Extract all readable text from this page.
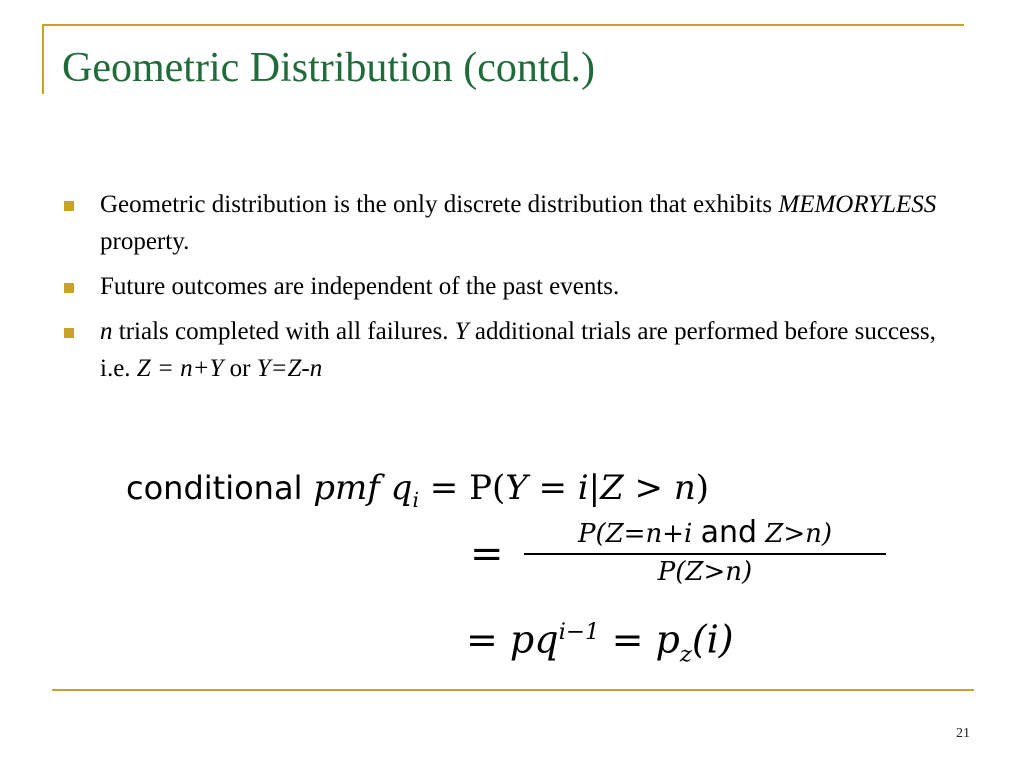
Geometric Distribution (contd.)
Geometric distribution is the only discrete distribution that exhibits MEMORYLESS property.
Future outcomes are independent of the past events.
n trials completed with all failures. Y additional trials are performed before success, i.e. Z = n+Y or Y=Z-n
conditional pmf $q_i = P(Y = i|Z > n)$
=	P(Z=n+i and Z>n)
P(Z>n)
= $pq^{i-1} = p_z(i)$
21
